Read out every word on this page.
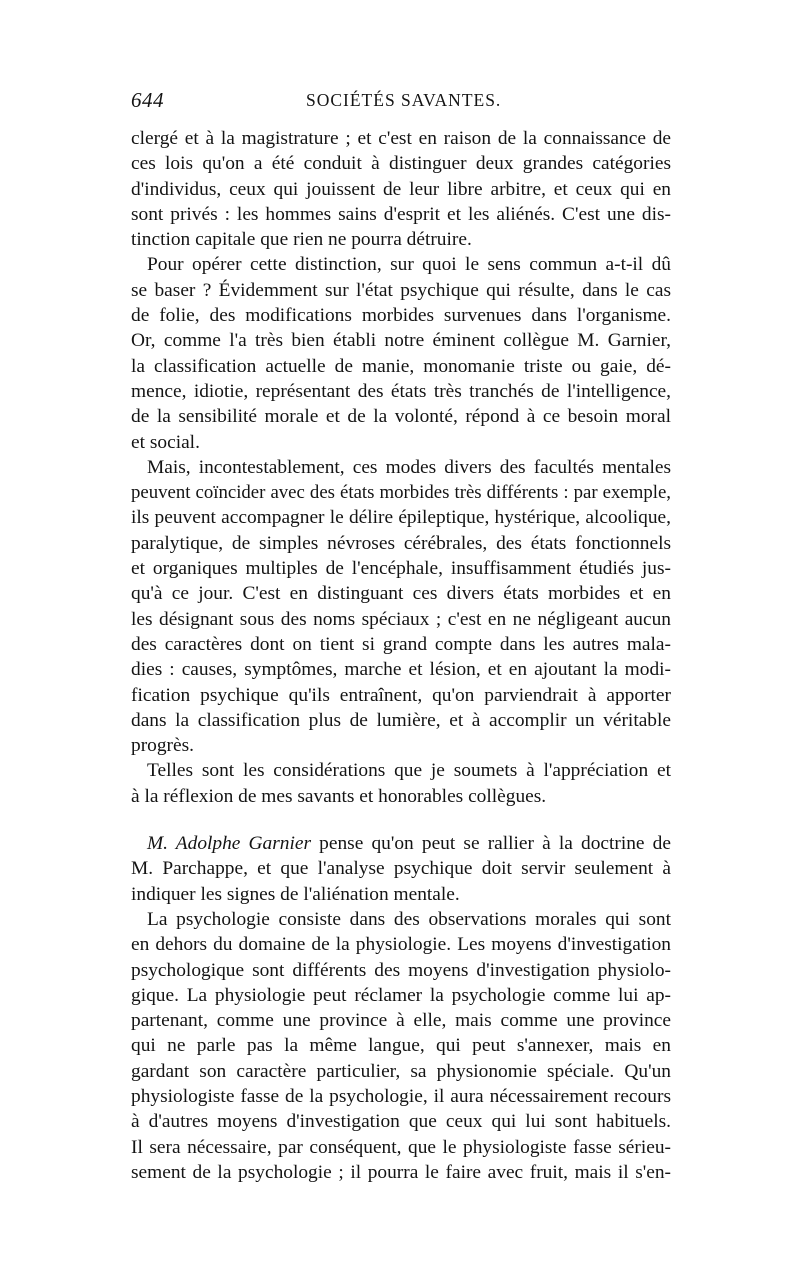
644	SOCIÉTÉS SAVANTES.
clergé et à la magistrature ; et c'est en raison de la connaissance de
ces lois qu'on a été conduit à distinguer deux grandes catégories
d'individus, ceux qui jouissent de leur libre arbitre, et ceux qui en
sont privés : les hommes sains d'esprit et les aliénés. C'est une dis-
tinction capitale que rien ne pourra détruire.
Pour opérer cette distinction, sur quoi le sens commun a-t-il dû
se baser ? Évidemment sur l'état psychique qui résulte, dans le cas
de folie, des modifications morbides survenues dans l'organisme.
Or, comme l'a très bien établi notre éminent collègue M. Garnier,
la classification actuelle de manie, monomanie triste ou gaie, dé-
mence, idiotie, représentant des états très tranchés de l'intelligence,
de la sensibilité morale et de la volonté, répond à ce besoin moral
et social.
Mais, incontestablement, ces modes divers des facultés mentales
peuvent coïncider avec des états morbides très différents : par exemple,
ils peuvent accompagner le délire épileptique, hystérique, alcoolique,
paralytique, de simples névroses cérébrales, des états fonctionnels
et organiques multiples de l'encéphale, insuffisamment étudiés jus-
qu'à ce jour. C'est en distinguant ces divers états morbides et en
les désignant sous des noms spéciaux ; c'est en ne négligeant aucun
des caractères dont on tient si grand compte dans les autres mala-
dies : causes, symptômes, marche et lésion, et en ajoutant la modi-
fication psychique qu'ils entraînent, qu'on parviendrait à apporter
dans la classification plus de lumière, et à accomplir un véritable
progrès.
Telles sont les considérations que je soumets à l'appréciation et
à la réflexion de mes savants et honorables collègues.
M. Adolphe Garnier pense qu'on peut se rallier à la doctrine de
M. Parchappe, et que l'analyse psychique doit servir seulement à
indiquer les signes de l'aliénation mentale.
La psychologie consiste dans des observations morales qui sont
en dehors du domaine de la physiologie. Les moyens d'investigation
psychologique sont différents des moyens d'investigation physiolo-
gique. La physiologie peut réclamer la psychologie comme lui ap-
partenant, comme une province à elle, mais comme une province
qui ne parle pas la même langue, qui peut s'annexer, mais en
gardant son caractère particulier, sa physionomie spéciale. Qu'un
physiologiste fasse de la psychologie, il aura nécessairement recours
à d'autres moyens d'investigation que ceux qui lui sont habituels.
Il sera nécessaire, par conséquent, que le physiologiste fasse sérieu-
sement de la psychologie ; il pourra le faire avec fruit, mais il s'en-
